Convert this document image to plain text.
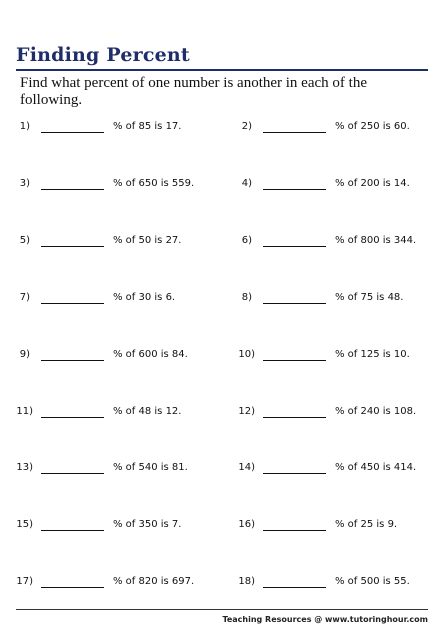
Finding Percent

Find what percent of one number is another in each of the following.

1)	% of 85 is 17.	2)	% of 250 is 60.
3)	% of 650 is 559.	4)	% of 200 is 14.
5)	% of 50 is 27.	6)	% of 800 is 344.
7)	% of 30 is 6.	8)	% of 75 is 48.
9)	% of 600 is 84.	10)	% of 125 is 10.
11)	% of 48 is 12.	12)	% of 240 is 108.
13)	% of 540 is 81.	14)	% of 450 is 414.
15)	% of 350 is 7.	16)	% of 25 is 9.
17)	% of 820 is 697.	18)	% of 500 is 55.
Teaching Resources @ www.tutoringhour.com
